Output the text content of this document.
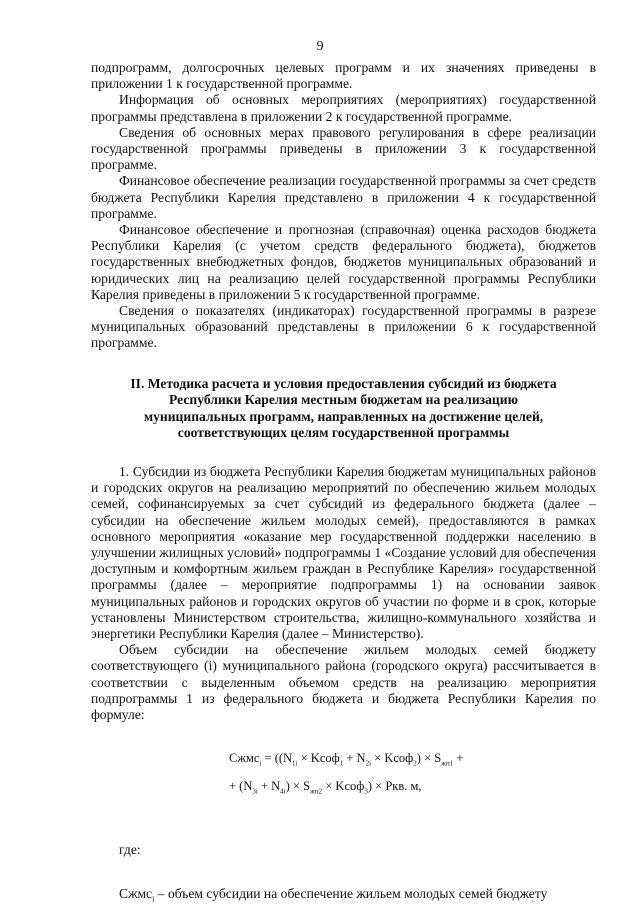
9

подпрограмм, долгосрочных целевых программ и их значениях приведены в приложении 1 к государственной программе.

Информация об основных мероприятиях (мероприятиях) государственной программы представлена в приложении 2 к государственной программе.

Сведения об основных мерах правового регулирования в сфере реализации государственной программы приведены в приложении 3 к государственной программе.

Финансовое обеспечение реализации государственной программы за счет средств бюджета Республики Карелия представлено в приложении 4 к государственной программе.

Финансовое обеспечение и прогнозная (справочная) оценка расходов бюджета Республики Карелия (с учетом средств федерального бюджета), бюджетов государственных внебюджетных фондов, бюджетов муниципальных образований и юридических лиц на реализацию целей государственной программы Республики Карелия приведены в приложении 5 к государственной программе.

Сведения о показателях (индикаторах) государственной программы в разрезе муниципальных образований представлены в приложении 6 к государственной программе.

II. Методика расчета и условия предоставления субсидий из бюджета
Республики Карелия местным бюджетам на реализацию
муниципальных программ, направленных на достижение целей,
соответствующих целям государственной программы

1. Субсидии из бюджета Республики Карелия бюджетам муниципальных районов и городских округов на реализацию мероприятий по обеспечению жильем молодых семей, софинансируемых за счет субсидий из федерального бюджета (далее – субсидии на обеспечение жильем молодых семей), предоставляются в рамках основного мероприятия «оказание мер государственной поддержки населению в улучшении жилищных условий» подпрограммы 1 «Создание условий для обеспечения доступным и комфортным жильем граждан в Республике Карелия» государственной программы (далее – мероприятие подпрограммы 1) на основании заявок муниципальных районов и городских округов об участии по форме и в срок, которые установлены Министерством строительства, жилищно-коммунального хозяйства и энергетики Республики Карелия (далее – Министерство).

Объем субсидии на обеспечение жильем молодых семей бюджету соответствующего (i) муниципального района (городского округа) рассчитывается в соответствии с выделенным объемом средств на реализацию мероприятия подпрограммы 1 из федерального бюджета и бюджета Республики Карелия по формуле:

Сжмс$_i$ = (($N_{1i}$ × Kсоф$_1$ + $N_{2i}$ × Kсоф$_2$) × $S_{жп1}$ +
+ $(N_{3i} + N_{4i}) \times S_{жп2}$ × Kсоф$_3$) × Ркв. м,

где:

Сжмс$_i$ – объем субсидии на обеспечение жильем молодых семей бюджету
